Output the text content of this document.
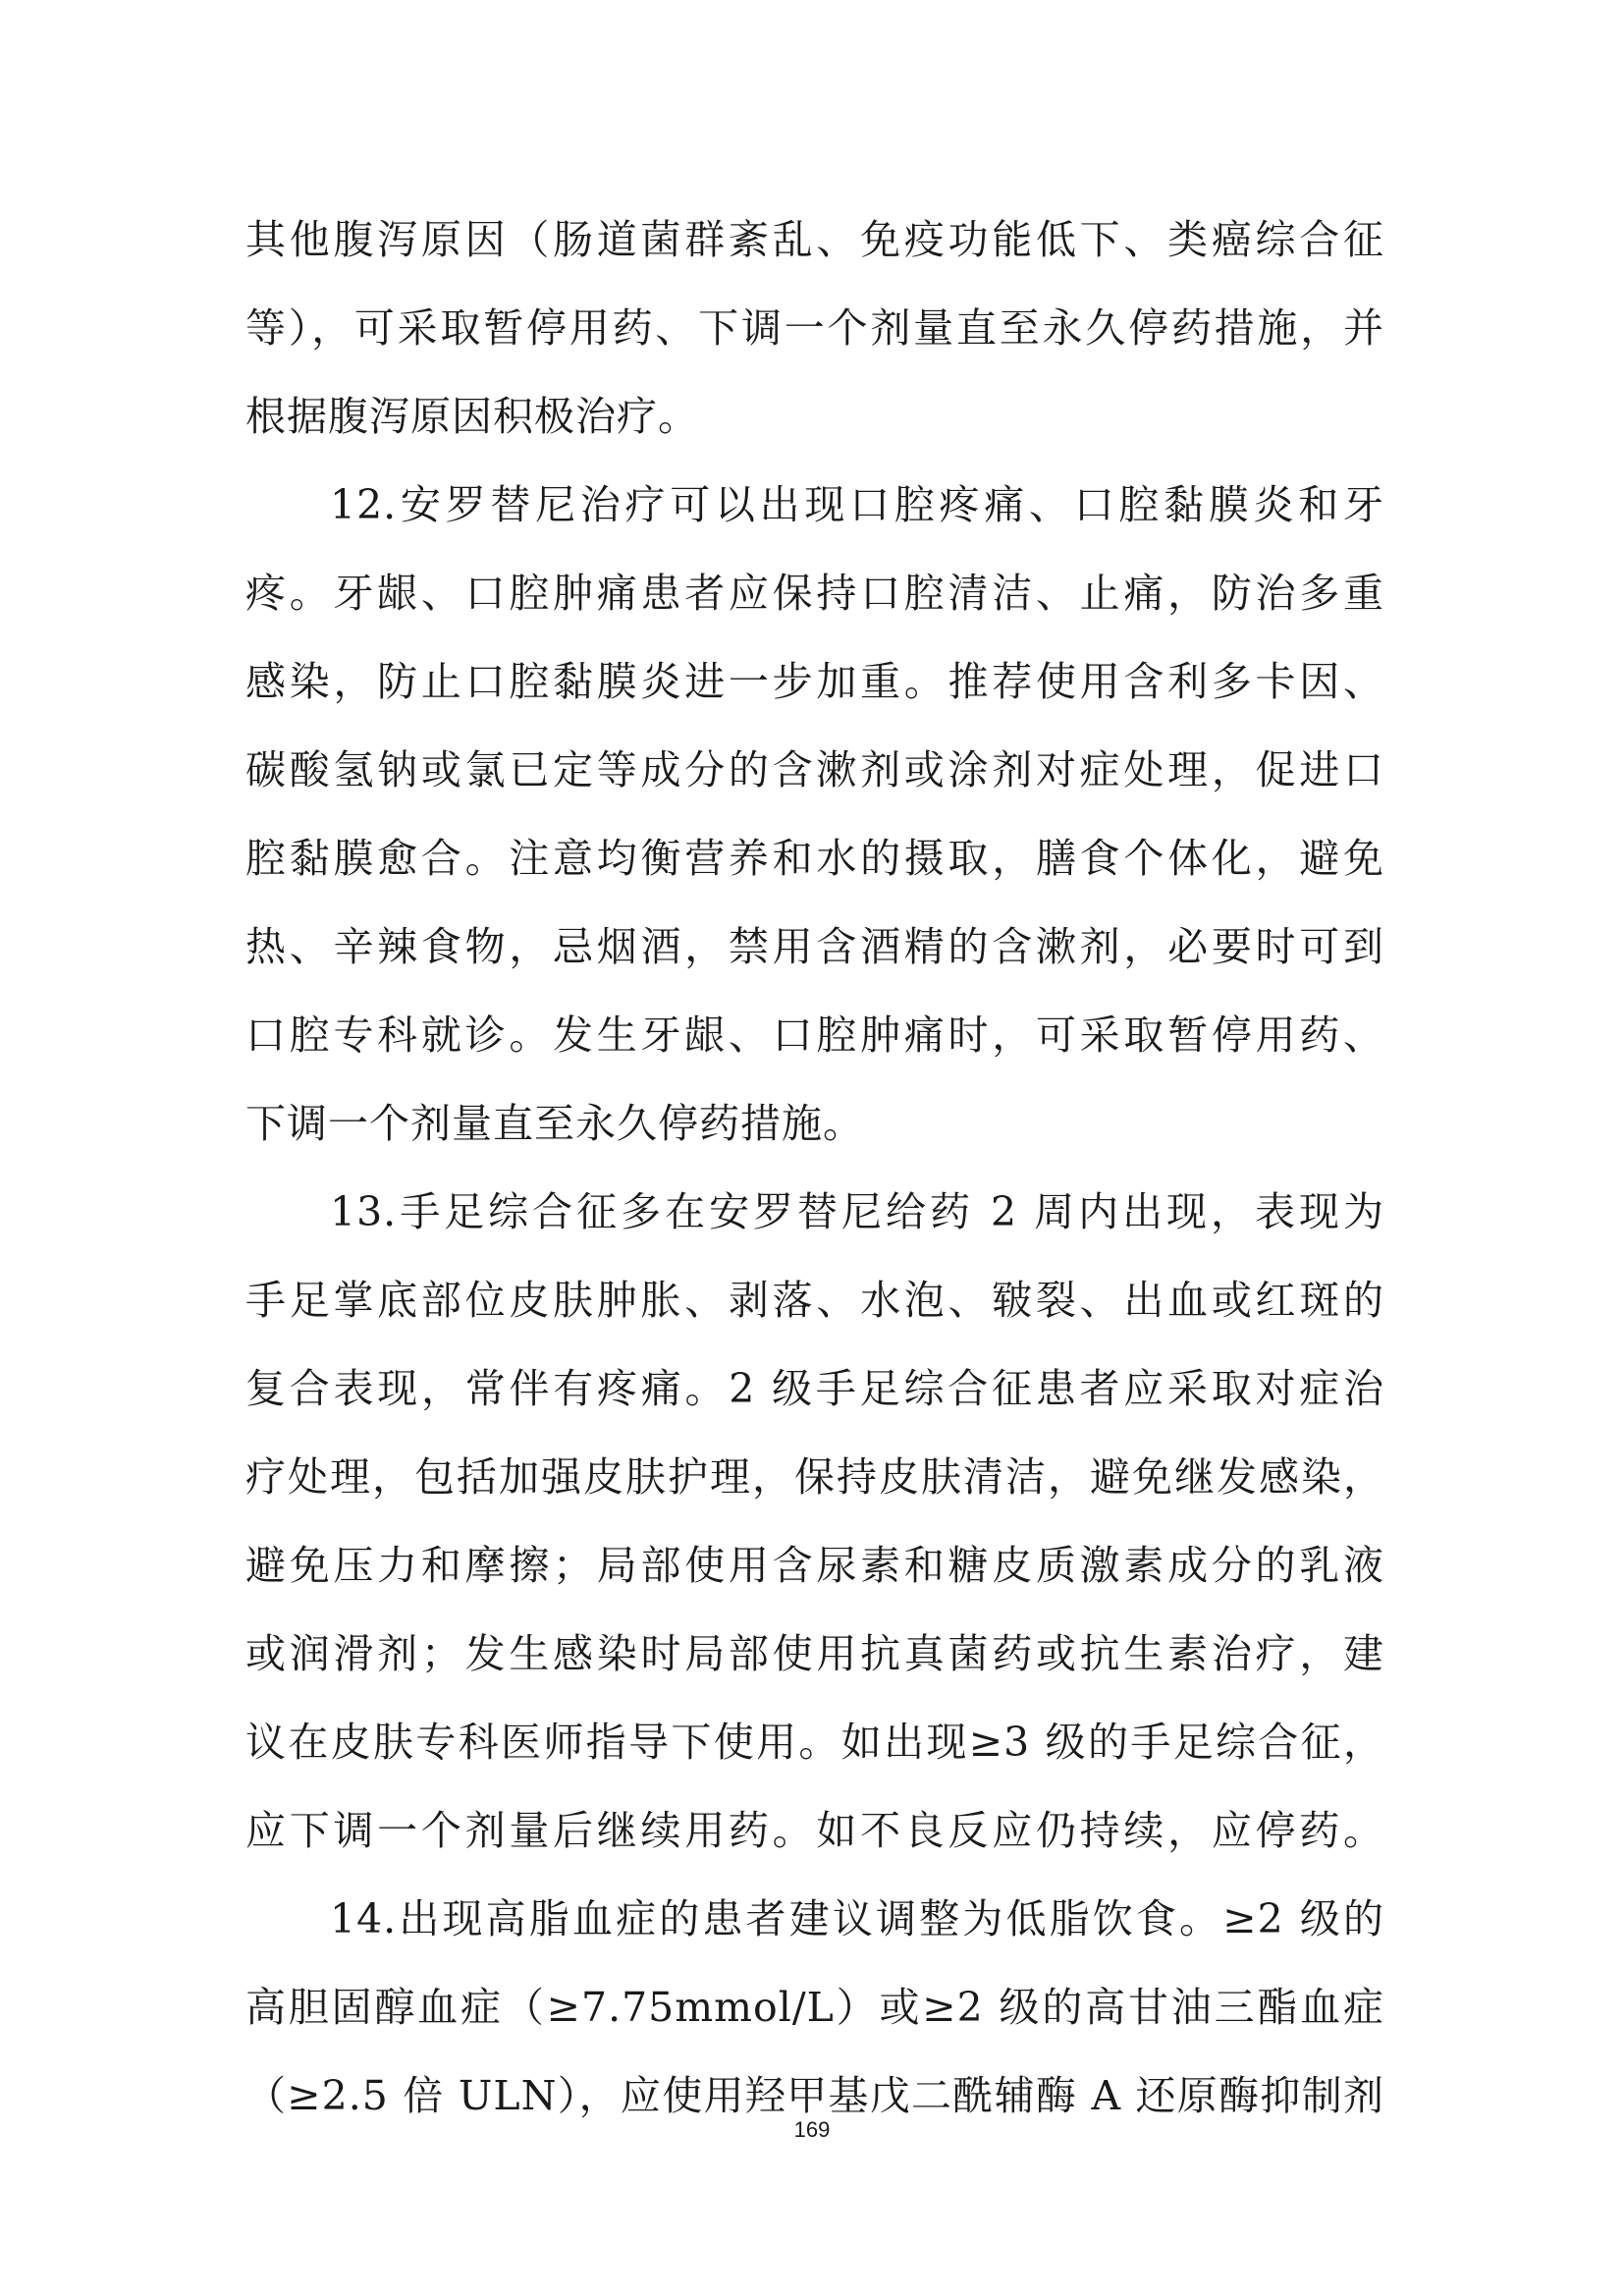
其他腹泻原因（肠道菌群紊乱、免疫功能低下、类癌综合征
等），可采取暂停用药、下调一个剂量直至永久停药措施，并
根据腹泻原因积极治疗。
12.安罗替尼治疗可以出现口腔疼痛、口腔黏膜炎和牙
疼。牙龈、口腔肿痛患者应保持口腔清洁、止痛，防治多重
感染，防止口腔黏膜炎进一步加重。推荐使用含利多卡因、
碳酸氢钠或氯已定等成分的含漱剂或涂剂对症处理，促进口
腔黏膜愈合。注意均衡营养和水的摄取，膳食个体化，避免
热、辛辣食物，忌烟酒，禁用含酒精的含漱剂，必要时可到
口腔专科就诊。发生牙龈、口腔肿痛时，可采取暂停用药、
下调一个剂量直至永久停药措施。
13.手足综合征多在安罗替尼给药 2 周内出现，表现为
手足掌底部位皮肤肿胀、剥落、水泡、皲裂、出血或红斑的
复合表现，常伴有疼痛。2 级手足综合征患者应采取对症治
疗处理，包括加强皮肤护理，保持皮肤清洁，避免继发感染，
避免压力和摩擦；局部使用含尿素和糖皮质激素成分的乳液
或润滑剂；发生感染时局部使用抗真菌药或抗生素治疗，建
议在皮肤专科医师指导下使用。如出现≥3 级的手足综合征，
应下调一个剂量后继续用药。如不良反应仍持续，应停药。
14.出现高脂血症的患者建议调整为低脂饮食。≥2 级的
高胆固醇血症（≥7.75mmol/L）或≥2 级的高甘油三酯血症
（≥2.5 倍 ULN），应使用羟甲基戊二酰辅酶 A 还原酶抑制剂
169
